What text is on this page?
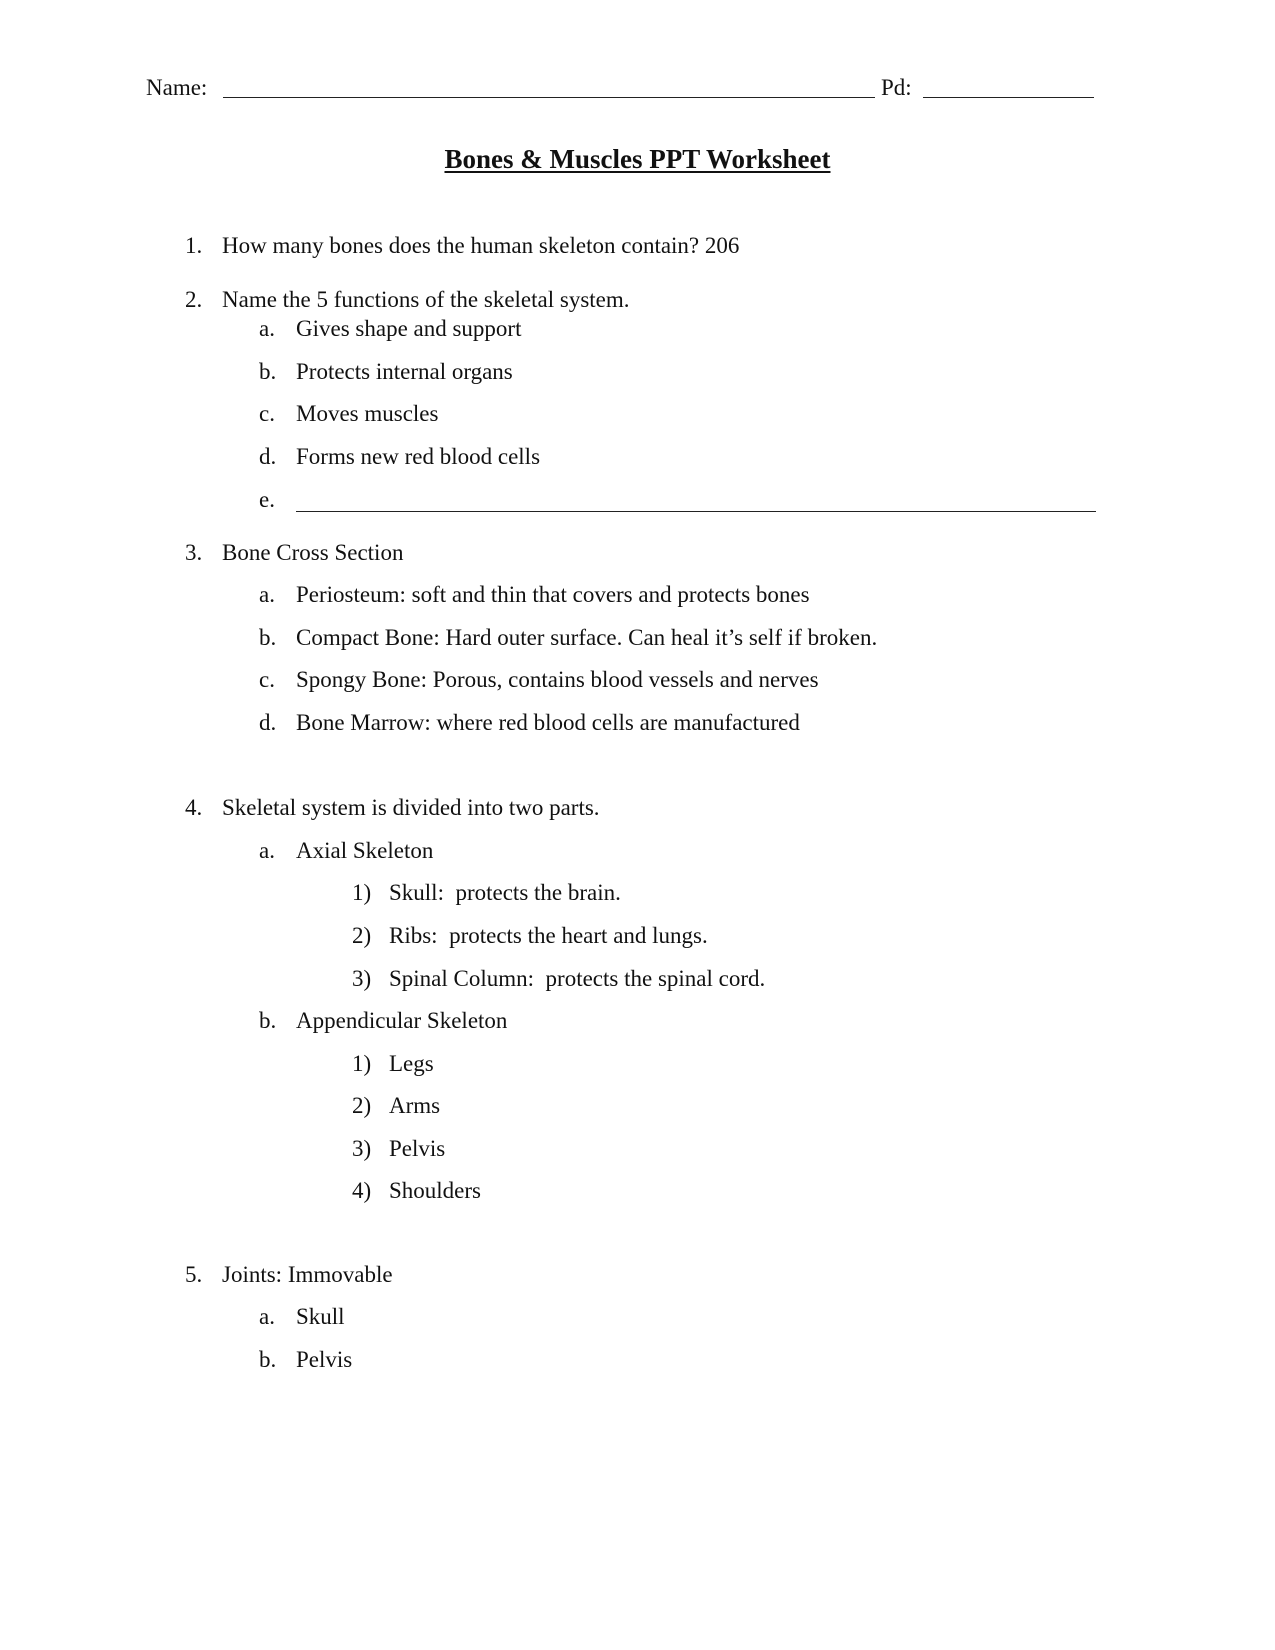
Name:	Pd:
Bones & Muscles PPT Worksheet
1. How many bones does the human skeleton contain? 206
2. Name the 5 functions of the skeletal system.
a. Gives shape and support
b. Protects internal organs
c. Moves muscles
d. Forms new red blood cells
e.
3. Bone Cross Section
a. Periosteum: soft and thin that covers and protects bones
b. Compact Bone: Hard outer surface. Can heal it’s self if broken.
c. Spongy Bone: Porous, contains blood vessels and nerves
d. Bone Marrow: where red blood cells are manufactured
4. Skeletal system is divided into two parts.
a. Axial Skeleton
1) Skull:  protects the brain.
2) Ribs:  protects the heart and lungs.
3) Spinal Column:  protects the spinal cord.
b. Appendicular Skeleton
1) Legs
2) Arms
3) Pelvis
4) Shoulders
5. Joints: Immovable
a. Skull
b. Pelvis
